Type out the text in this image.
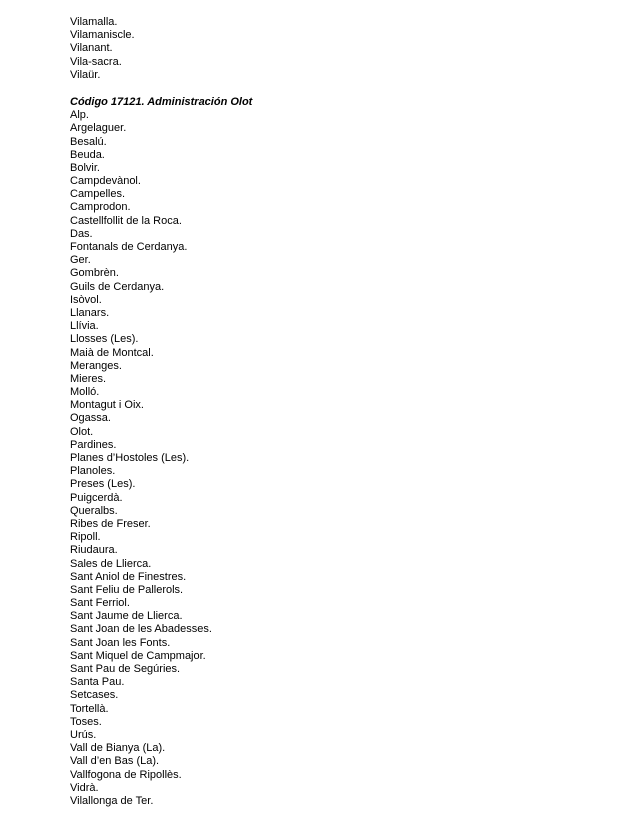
Vilamalla.
Vilamaniscle.
Vilanant.
Vila-sacra.
Vilaür.
Código 17121. Administración Olot
Alp.
Argelaguer.
Besalú.
Beuda.
Bolvir.
Campdevànol.
Campelles.
Camprodon.
Castellfollit de la Roca.
Das.
Fontanals de Cerdanya.
Ger.
Gombrèn.
Guils de Cerdanya.
Isòvol.
Llanars.
Llívia.
Llosses (Les).
Maià de Montcal.
Meranges.
Mieres.
Molló.
Montagut i Oix.
Ogassa.
Olot.
Pardines.
Planes d’Hostoles (Les).
Planoles.
Preses (Les).
Puigcerdà.
Queralbs.
Ribes de Freser.
Ripoll.
Riudaura.
Sales de Llierca.
Sant Aniol de Finestres.
Sant Feliu de Pallerols.
Sant Ferriol.
Sant Jaume de Llierca.
Sant Joan de les Abadesses.
Sant Joan les Fonts.
Sant Miquel de Campmajor.
Sant Pau de Segúries.
Santa Pau.
Setcases.
Tortellà.
Toses.
Urús.
Vall de Bianya (La).
Vall d’en Bas (La).
Vallfogona de Ripollès.
Vidrà.
Vilallonga de Ter.
